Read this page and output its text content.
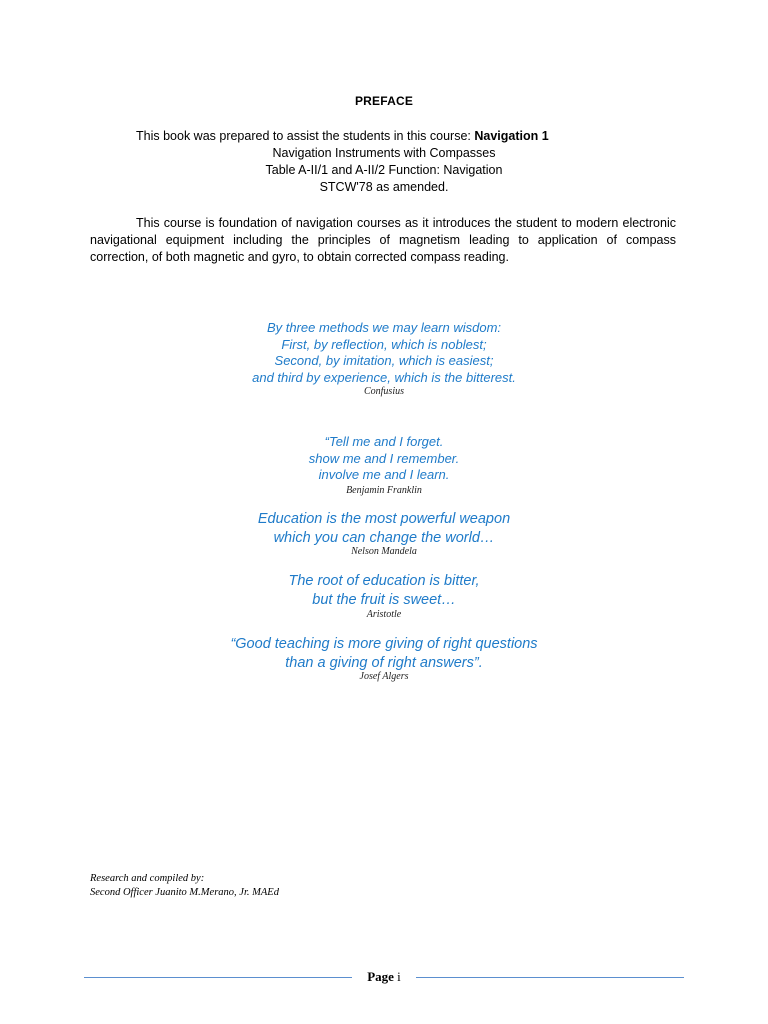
PREFACE
This book was prepared to assist the students in this course: Navigation 1
Navigation Instruments with Compasses
Table A-II/1 and A-II/2 Function: Navigation
STCW'78 as amended.
This course is foundation of navigation courses as it introduces the student to modern electronic navigational equipment including the principles of magnetism leading to application of compass correction, of both magnetic and gyro, to obtain corrected compass reading.
By three methods we may learn wisdom:
First, by reflection, which is noblest;
Second, by imitation, which is easiest;
and third by experience, which is the bitterest.
Confusius
“Tell me and I forget.
show me and I remember.
involve me and I learn.
Benjamin Franklin
Education is the most powerful weapon
which you can change the world…
Nelson Mandela
The root of education is bitter,
but the fruit is sweet…
Aristotle
“Good teaching is more giving of right questions
than a giving of right answers”.
Josef Algers
Research and compiled by:
Second Officer Juanito M.Merano, Jr. MAEd
Page i
